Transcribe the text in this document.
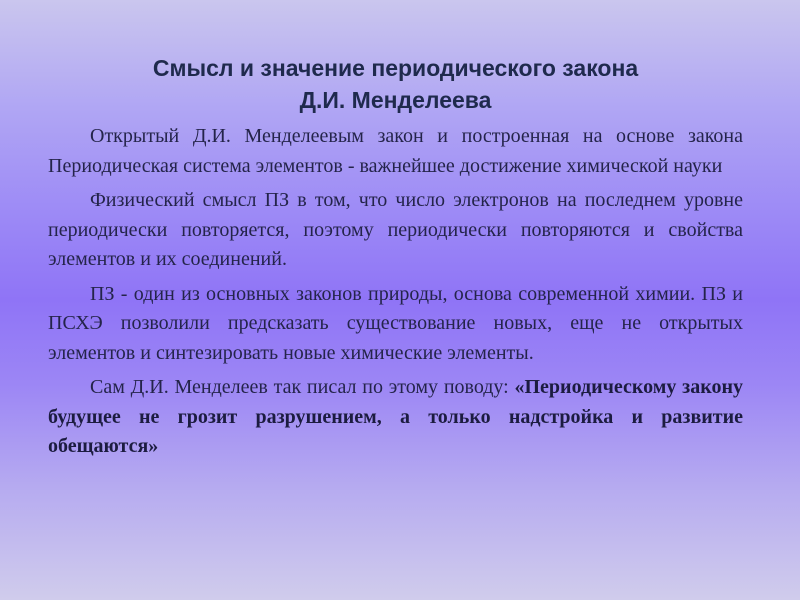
Смысл и значение периодического закона
Д.И. Менделеева

Открытый Д.И. Менделеевым закон и построенная на основе закона Периодическая система элементов - важнейшее достижение химической науки

Физический смысл ПЗ в том, что число электронов на последнем уровне периодически повторяется, поэтому периодически повторяются и свойства элементов и их соединений.

ПЗ - один из основных законов природы, основа современной химии. ПЗ и ПСХЭ позволили предсказать существование новых, еще не открытых элементов и синтезировать новые химические элементы.

Сам Д.И. Менделеев так писал по этому поводу: «Периодическому закону будущее не грозит разрушением, а только надстройка и развитие обещаются»
